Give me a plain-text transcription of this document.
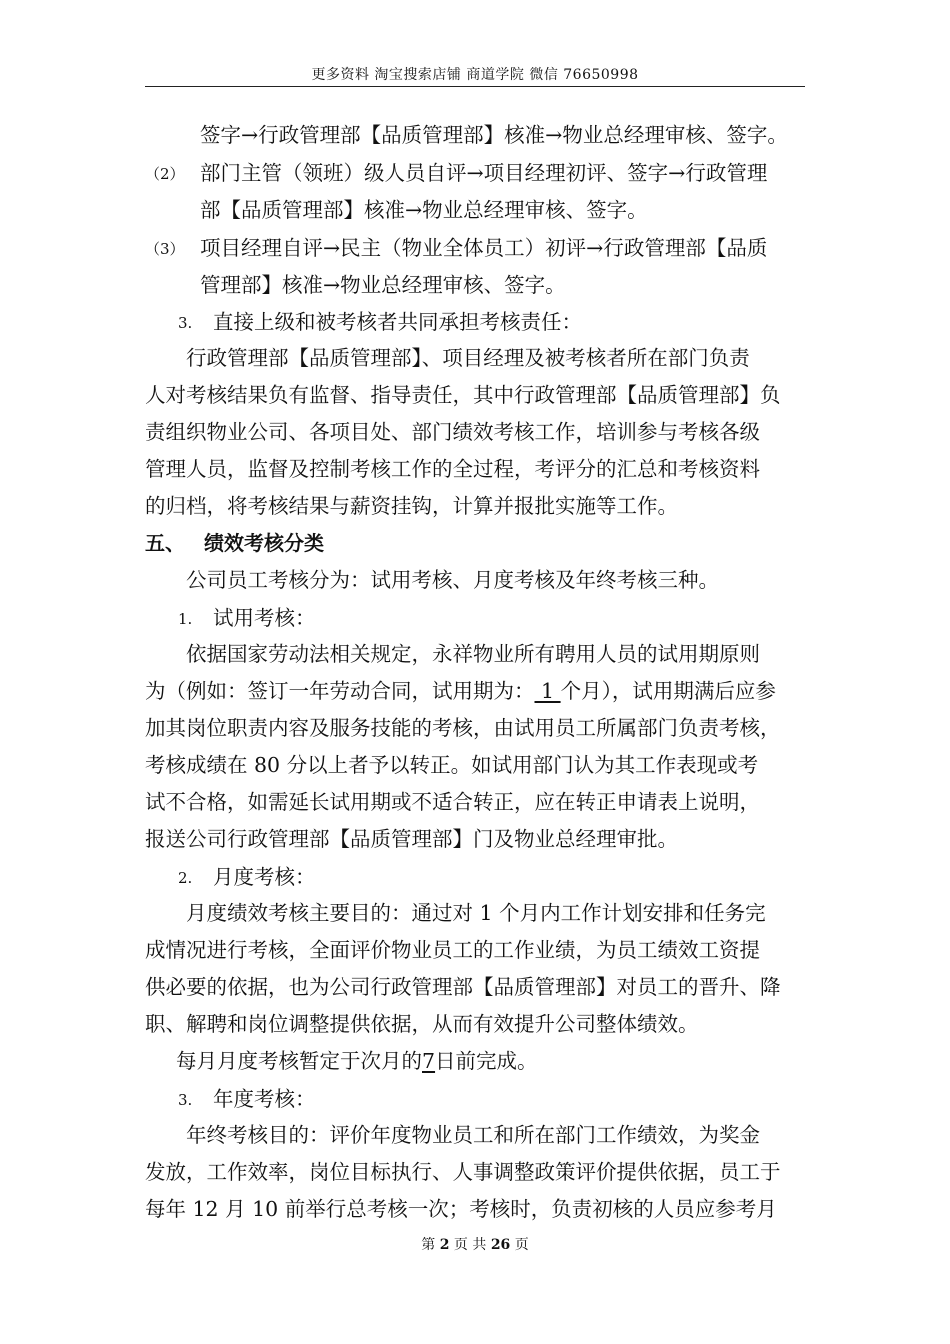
更多资料 淘宝搜索店铺 商道学院 微信 76650998
签字→行政管理部【品质管理部】核准→物业总经理审核、签字。
（2） 部门主管（领班）级人员自评→项目经理初评、签字→行政管理
部【品质管理部】核准→物业总经理审核、签字。
（3） 项目经理自评→民主（物业全体员工）初评→行政管理部【品质
管理部】核准→物业总经理审核、签字。
3. 直接上级和被考核者共同承担考核责任：
行政管理部【品质管理部】、项目经理及被考核者所在部门负责
人对考核结果负有监督、指导责任，其中行政管理部【品质管理部】负
责组织物业公司、各项目处、部门绩效考核工作，培训参与考核各级
管理人员，监督及控制考核工作的全过程，考评分的汇总和考核资料
的归档，将考核结果与薪资挂钩，计算并报批实施等工作。
五、 绩效考核分类
公司员工考核分为：试用考核、月度考核及年终考核三种。
1. 试用考核：
依据国家劳动法相关规定，永祥物业所有聘用人员的试用期原则
为（例如：签订一年劳动合同，试用期为： 1 个月），试用期满后应参
加其岗位职责内容及服务技能的考核，由试用员工所属部门负责考核，
考核成绩在 80 分以上者予以转正。如试用部门认为其工作表现或考
试不合格，如需延长试用期或不适合转正，应在转正申请表上说明，
报送公司行政管理部【品质管理部】门及物业总经理审批。
2. 月度考核：
月度绩效考核主要目的：通过对 1 个月内工作计划安排和任务完
成情况进行考核，全面评价物业员工的工作业绩，为员工绩效工资提
供必要的依据，也为公司行政管理部【品质管理部】对员工的晋升、降
职、解聘和岗位调整提供依据，从而有效提升公司整体绩效。
每月月度考核暂定于次月的7日前完成。
3. 年度考核：
年终考核目的：评价年度物业员工和所在部门工作绩效，为奖金
发放，工作效率，岗位目标执行、人事调整政策评价提供依据，员工于
每年 12 月 10 前举行总考核一次；考核时，负责初核的人员应参考月
第 2 页 共 26 页
